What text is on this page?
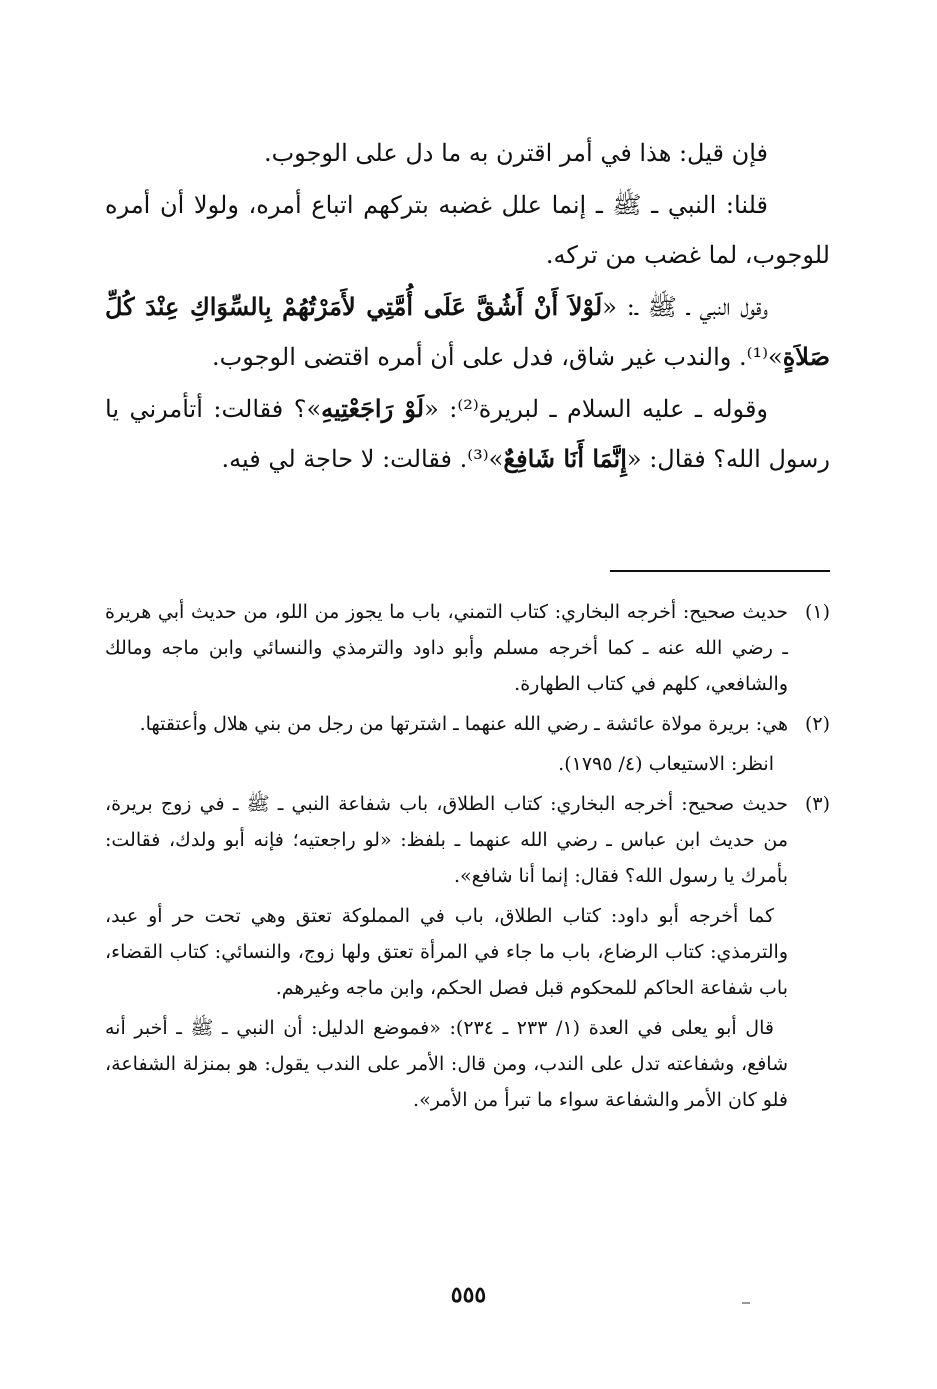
فإن قيل: هذا في أمر اقترن به ما دل على الوجوب.

قلنا: النبي ـ ﷺ ـ إنما علل غضبه بتركهم اتباع أمره، ولولا أن أمره للوجوب، لما غضب من تركه.

وقول النبي ـ ﷺ ـ: «لَوْلاَ أَنْ أَشُقَّ عَلَى أُمَّتِي لأَمَرْتُهُمْ بِالسِّوَاكِ عِنْدَ كُلِّ صَلاَةٍ»⁽¹⁾. والندب غير شاق، فدل على أن أمره اقتضى الوجوب.

وقوله ـ عليه السلام ـ لبريرة⁽²⁾: «لَوْ رَاجَعْتِيهِ»؟ فقالت: أتأمرني يا رسول الله؟ فقال: «إِنَّمَا أَنَا شَافِعٌ»⁽³⁾. فقالت: لا حاجة لي فيه.

(١)

حديث صحيح: أخرجه البخاري: كتاب التمني، باب ما يجوز من اللو، من حديث أبي هريرة ـ رضي الله عنه ـ كما أخرجه مسلم وأبو داود والترمذي والنسائي وابن ماجه ومالك والشافعي، كلهم في كتاب الطهارة.

(٢)

هي: بريرة مولاة عائشة ـ رضي الله عنهما ـ اشترتها من رجل من بني هلال وأعتقتها.

انظر: الاستيعاب (٤/ ١٧٩٥).

(٣)

حديث صحيح: أخرجه البخاري: كتاب الطلاق، باب شفاعة النبي ـ ﷺ ـ في زوج بريرة، من حديث ابن عباس ـ رضي الله عنهما ـ بلفظ: «لو راجعتيه؛ فإنه أبو ولدك، فقالت: بأمرك يا رسول الله؟ فقال: إنما أنا شافع».

كما أخرجه أبو داود: كتاب الطلاق، باب في المملوكة تعتق وهي تحت حر أو عبد، والترمذي: كتاب الرضاع، باب ما جاء في المرأة تعتق ولها زوج، والنسائي: كتاب القضاء، باب شفاعة الحاكم للمحكوم قبل فصل الحكم، وابن ماجه وغيرهم.

قال أبو يعلى في العدة (١/ ٢٣٣ ـ ٢٣٤): «فموضع الدليل: أن النبي ـ ﷺ ـ أخبر أنه شافع، وشفاعته تدل على الندب، ومن قال: الأمر على الندب يقول: هو بمنزلة الشفاعة، فلو كان الأمر والشفاعة سواء ما تبرأ من الأمر».

٥٥٥
